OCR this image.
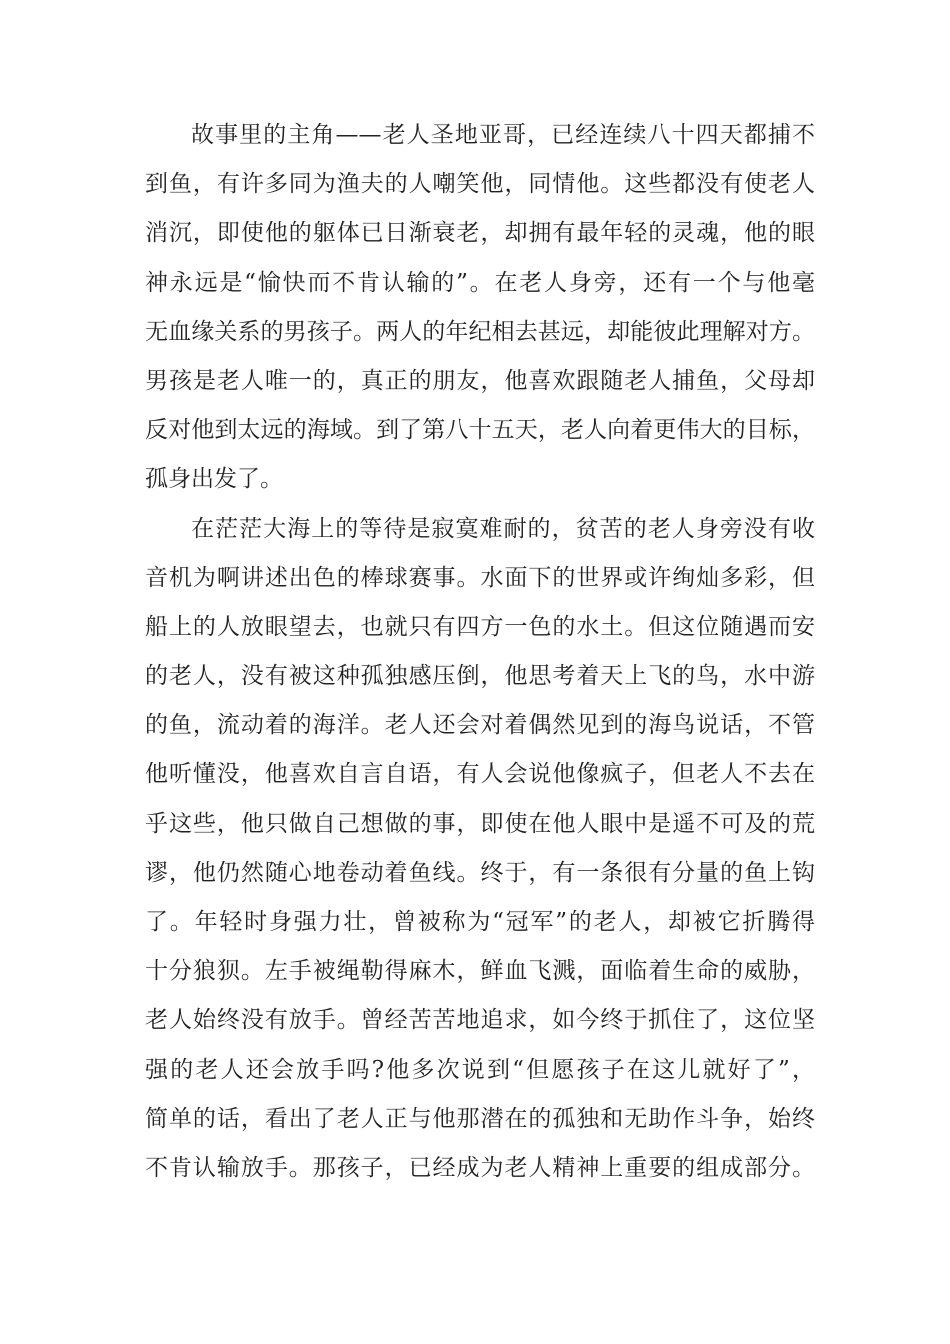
故事里的主角——老人圣地亚哥，已经连续八十四天都捕不
到鱼，有许多同为渔夫的人嘲笑他，同情他。这些都没有使老人
消沉，即使他的躯体已日渐衰老，却拥有最年轻的灵魂，他的眼
神永远是“愉快而不肯认输的”。在老人身旁，还有一个与他毫
无血缘关系的男孩子。两人的年纪相去甚远，却能彼此理解对方。
男孩是老人唯一的，真正的朋友，他喜欢跟随老人捕鱼，父母却
反对他到太远的海域。到了第八十五天，老人向着更伟大的目标，
孤身出发了。
在茫茫大海上的等待是寂寞难耐的，贫苦的老人身旁没有收
音机为啊讲述出色的棒球赛事。水面下的世界或许绚灿多彩，但
船上的人放眼望去，也就只有四方一色的水土。但这位随遇而安
的老人，没有被这种孤独感压倒，他思考着天上飞的鸟，水中游
的鱼，流动着的海洋。老人还会对着偶然见到的海鸟说话，不管
他听懂没，他喜欢自言自语，有人会说他像疯子，但老人不去在
乎这些，他只做自己想做的事，即使在他人眼中是遥不可及的荒
谬，他仍然随心地卷动着鱼线。终于，有一条很有分量的鱼上钩
了。年轻时身强力壮，曾被称为“冠军”的老人，却被它折腾得
十分狼狈。左手被绳勒得麻木，鲜血飞溅，面临着生命的威胁，
老人始终没有放手。曾经苦苦地追求，如今终于抓住了，这位坚
强的老人还会放手吗?他多次说到“但愿孩子在这儿就好了”，
简单的话，看出了老人正与他那潜在的孤独和无助作斗争，始终
不肯认输放手。那孩子，已经成为老人精神上重要的组成部分。
